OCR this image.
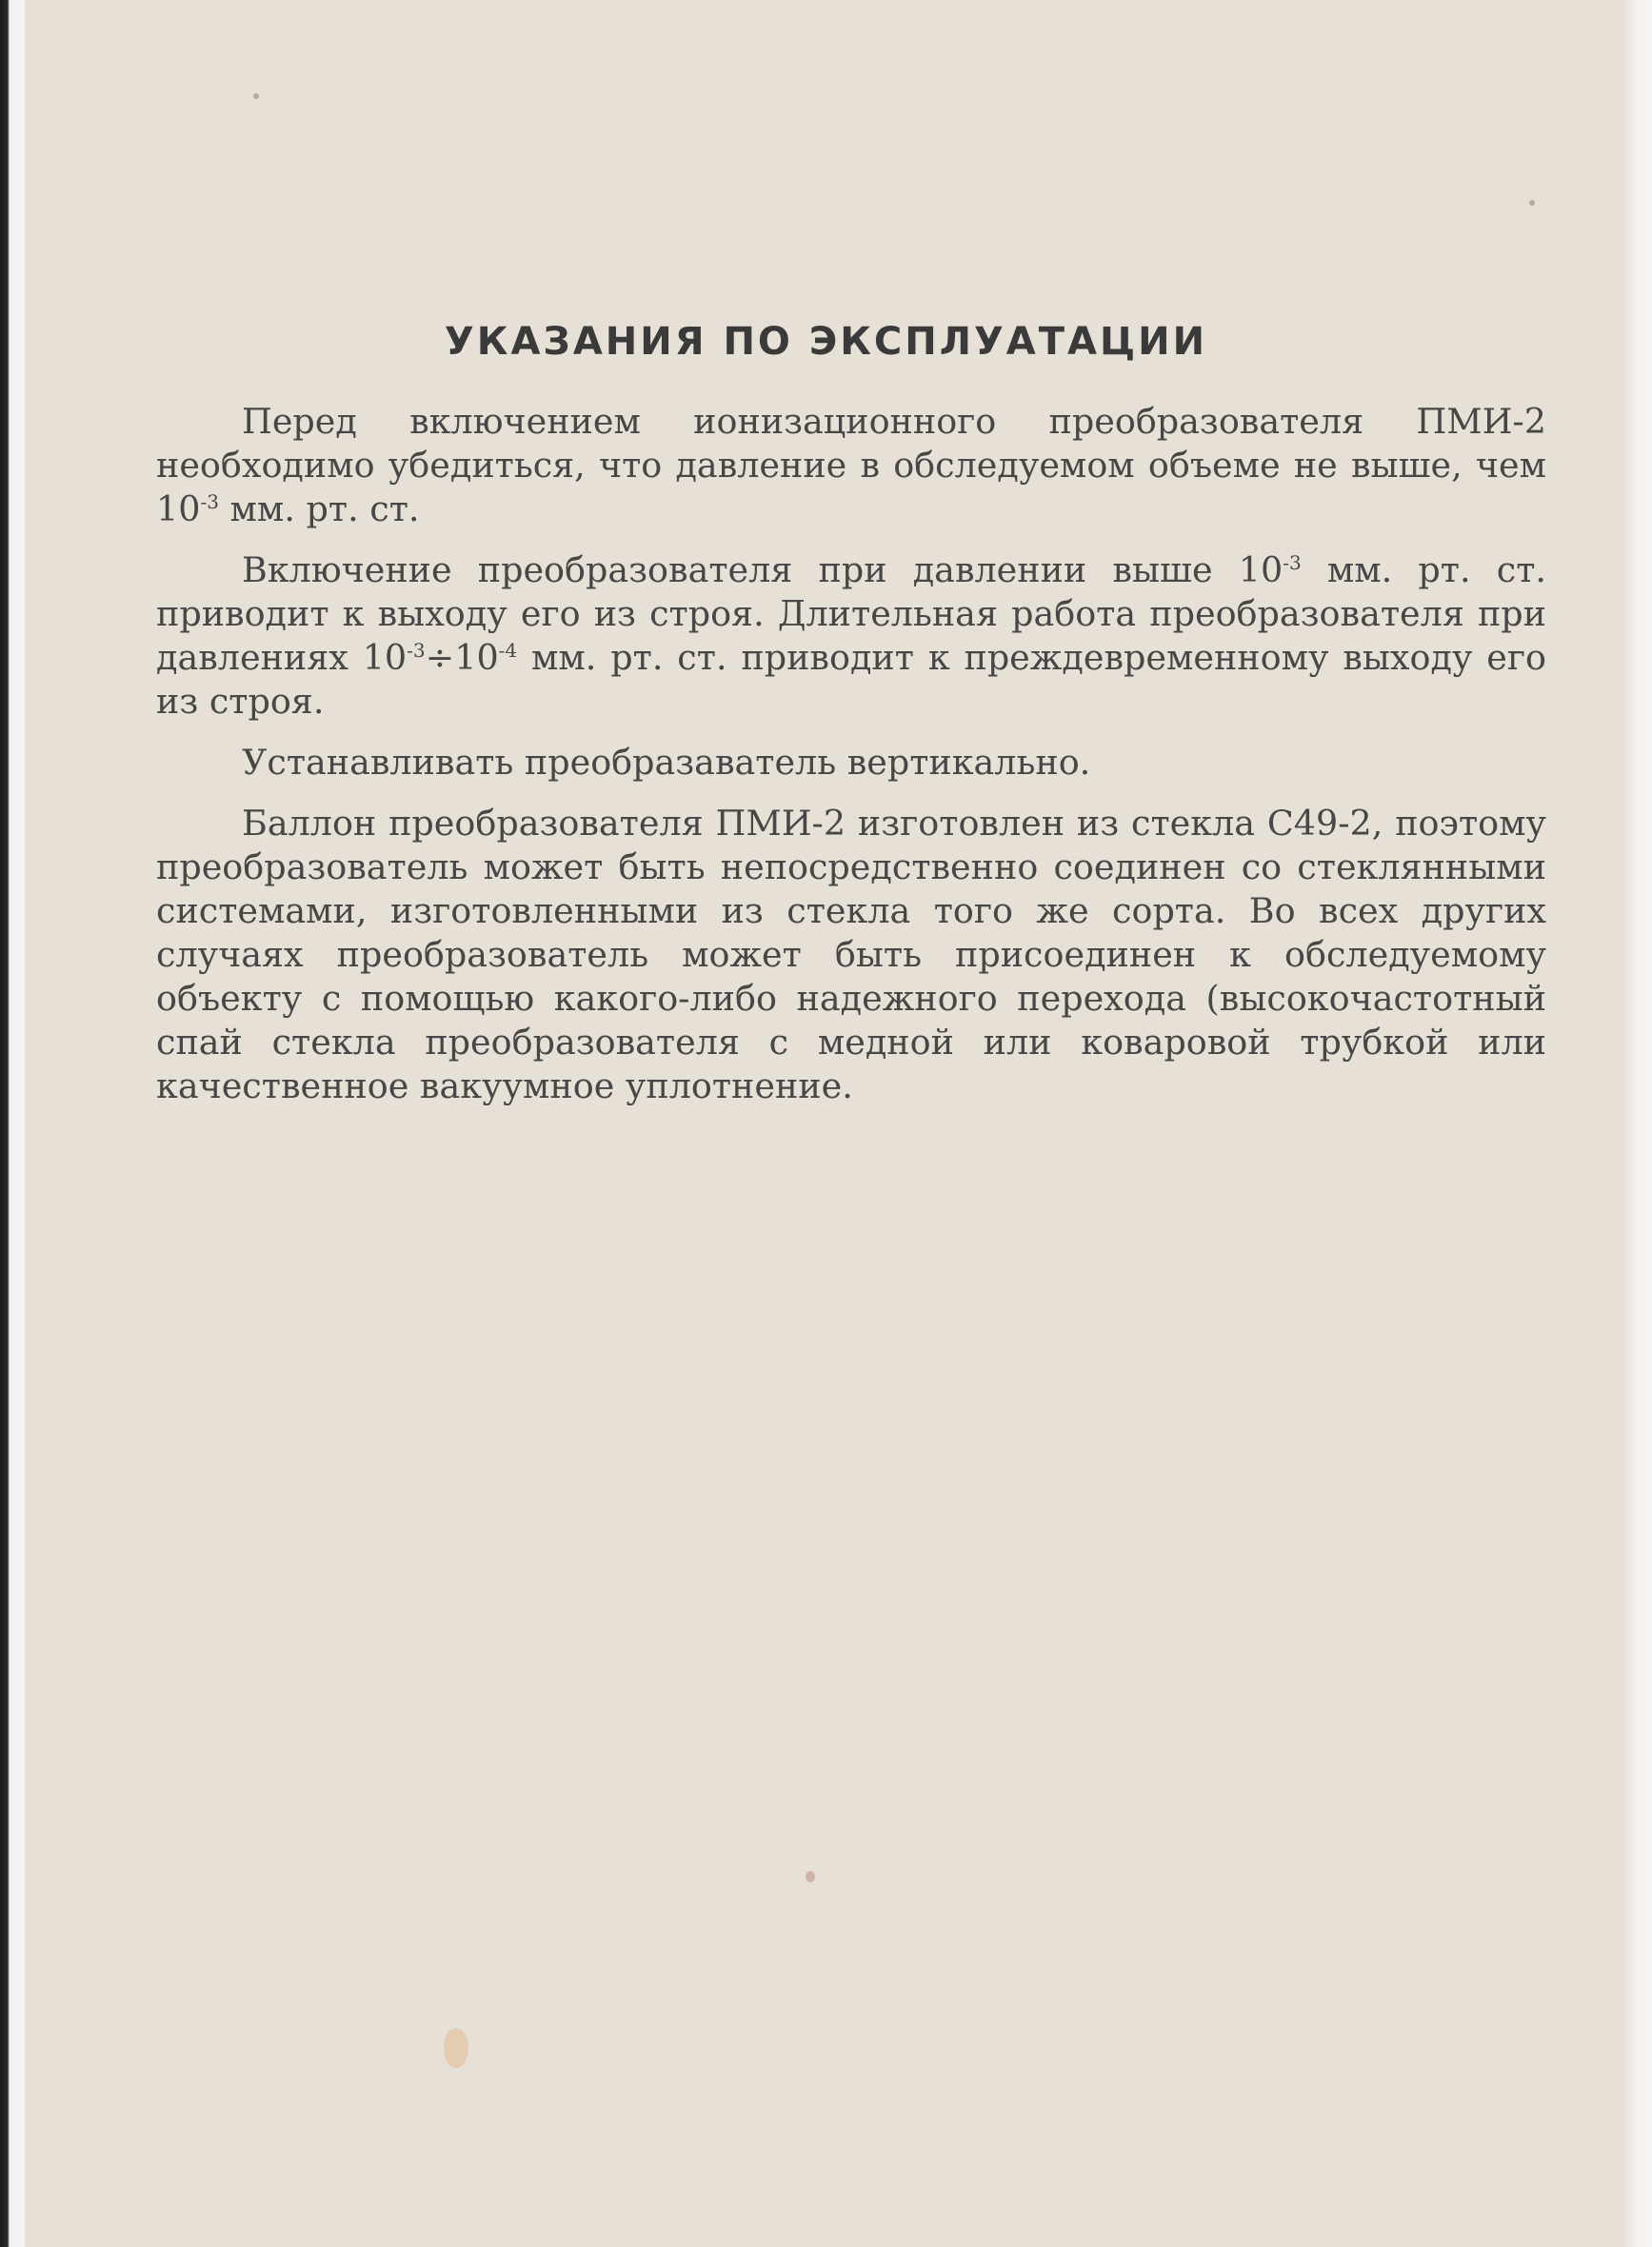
УКАЗАНИЯ ПО ЭКСПЛУАТАЦИИ

Перед включением ионизационного преобразователя ПМИ-2 необходимо убедиться, что давление в обследуемом объеме не выше, чем $10^{-3}$ мм. рт. ст.

Включение преобразователя при давлении выше $10^{-3}$ мм. рт. ст. приводит к выходу его из строя. Длительная работа преобразователя при давлениях $10^{-3}\div 10^{-4}$ мм. рт. ст. приводит к преждевременному выходу его из строя.

Устанавливать преобразаватель вертикально.

Баллон преобразователя ПМИ-2 изготовлен из стекла С49-2, поэтому преобразователь может быть непосредственно соединен со стеклянными системами, изготовленными из стекла того же сорта. Во всех других случаях преобразователь может быть присоединен к обследуемому объекту с помощью какого-либо надежного перехода (высокочастотный спай стекла преобразователя с медной или коваровой трубкой или качественное вакуумное уплотнение.
